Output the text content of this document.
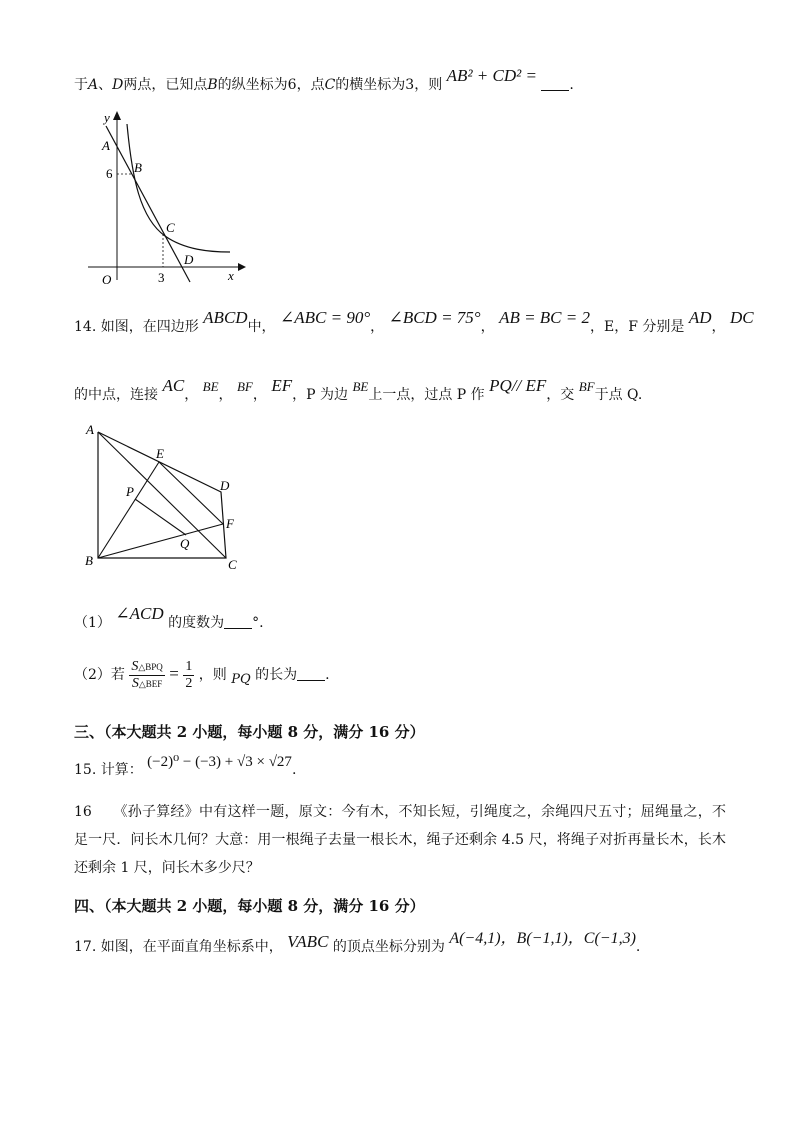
于A、D两点，已知点B的纵坐标为6，点C的横坐标为3，则 AB² + CD² = .
y
x
A
B
C
D
O
6
3
14. 如图，在四边形 ABCD中， ∠ABC = 90°， ∠BCD = 75°， AB = BC = 2，E，F 分别是 AD， DC
的中点，连接 AC， BE， BF， EF，P 为边 BE上一点，过点 P 作 PQ// EF，交 BF于点 Q.
A
B	C
D
E
F
P
Q
（1） ∠ACD 的度数为 °.
（2）若 $\frac{\text{S△BPQ}}{\text{S△BEF}} = \frac{1}{2}$ ，则 PQ 的长为 .
三、（本大题共 2 小题，每小题 8 分，满分 16 分）
15. 计算： (−2)⁰ − (−3) + √3 × √27.
16　　《孙子算经》中有这样一题，原文：今有木，不知长短，引绳度之，余绳四尺五寸；屈绳量之，不足一尺．问长木几何？大意：用一根绳子去量一根长木，绳子还剩余 4.5 尺，将绳子对折再量长木，长木还剩余 1 尺，问长木多少尺？
四、（本大题共 2 小题，每小题 8 分，满分 16 分）
17. 如图，在平面直角坐标系中， VABC 的顶点坐标分别为 A(−4,1)，B(−1,1)，C(−1,3).
